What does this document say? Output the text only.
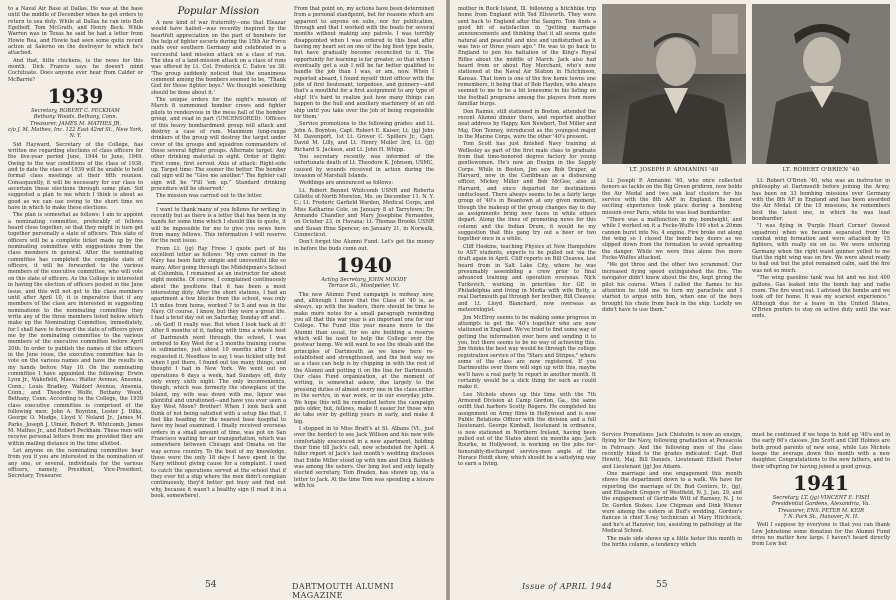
to a Naval Air Base at Dallas. He was at the base until the middle of December when he got orders to return to sea duty. While at Dallas he ran into Bob Egelhoff, Tom McGrath, and Henry Beck. While Warren was in Texas he said he had a letter from Howie Rea, and Howie had seen some quite recent action at Salerno on the destroyer to which he's attached.

And that, little chickens, is the news for this month. Dick Francis says he doesn't mind Cochituate. Does anyone ever hear from Calder or McBarrie?

1939
Secretary, ROBERT C. PECKHAM
Bethany Woods, Bethany, Conn.
Treasurer, JAMES M. MATHES JR.
c/o J. M. Mathes, Inc. 122 East 42nd St., New York, N. Y.

Sid Hayward, Secretary of the College, has written me regarding elections of class officers for the five-year period June, 1944 to June, 1949. Owing to the war conditions of the class of 1938, and to date the class of 1939 will be unable to hold formal class meetings at their fifth reunion. Consequently, it will be necessary for our class to ascertain these elections through some plan. Sid suggested a plan to me which I think is about as good as we can use owing to the short time we have in which to make these elections.

The plan is somewhat as follows: I am to appoint a nominating committee, preferably of fellows heard close together, so that they might in turn get together personally a slate of officers. This slate of officers will be a complete ticket made up by the nominating committee with suggestions from the class members in general. After the nominating committee has completed the complete slate of officers, it will be forwarded to the various members of the executive committee, who will vote on this slate of officers. As the College is interested in having the election of officers posted in the June issue, and this will not get to the class members until after April 10, it is imperative that if any members of the class are interested in suggesting nominations to the nominating committee they write any of the three members listed below which make up the Nominating Committee, immediately, for I shall have to forward the slate of officers given me by the nominating committee to the various members of the executive committee before April 20th. In order to publish the names of the officers in the June issue, the executive committee has to vote on the various names and have the results in my hands before May 10. On the nominating committee I have appointed the following: Erwin Lyon Jr., Wakefield, Mass.; Walter Avenue, Ansonia, Conn.; Louis Bradley, Waldorf Avenue, Ansonia, Conn.; and Theodore Wolfe, Bethany Wood, Bethany, Conn. According to the College, the 1939 class executive committee is comprised of the following men: John A. Boynton, Lester J. Dilks, George O. Mudge, Lloyd V. Noland Jr., James M. Parks, Joseph J. Ulmer, Robert R. Whitcomb, James M. Mathes Jr., and Robert Peckham. These men will receive personal letters from me provided they are within mailing distance in the time allotted.

Let anyone on the nominating committee hear from you if you are interested in the nomination of any one, or several, individuals for the various officers, namely, President, Vice-President, Secretary, Treasurer.

Popular Mission

A new kind of war fraternity—one that Eleazar would have hailed—was recently inspired by the heartfelt appreciation on the part of bombers for the help of fighter escorts during the 15th Air Force raids over southern Germany and celebrated in a successful land mission attack on a class of run. The idea of a land-mission attack on a class of runs was offered by Lt. Col. Frederick C. Eaton 'ex 38: 'The group suddenly noticed that the unanimous comment among the bombers seemed to be, "Thank God for those fighter boys." We thought something should be done about it.'

The unique orders for the night's mission of March 8 summoned bomber crews and fighter pilots to rendezvous in the mess hall of the bomber group, and read in part (UNCENSORED): 'Officers of this heavy bombardment group will attack and destroy a case of rum. Maximum long-range drinkers of the group will destroy the target under cover of the groups and squadron commanders of these several fighter groups. Alternate target: Any other drinking material in sight. Order of flight: First come, first served. Axis of attack: Right-side up. Target time: The sooner the better. The bomber call sign will be "Give me another." The fighter call sign will be "Fill 'em up." Standard drinking procedure will be observed.'

The mission was carried out to the letter.

I want to thank many of you fellows for writing in recently but as there is a letter that has been in my hands for some time which I should like to quote, it will be impossible for me to give you news here from many fellows. This information I will reserve for the next issue.

From Lt. (jg) Ray Frese I quote part of his excellent letter as follows: 'My own career in the Navy has been fairly simple and uneventful like so many. After going through the Midshipman's School at Columbia, I remained as an instructor for about eight months. Of course, I complained continuously about the positions that it has been a most interesting duty. After the short stations, I had an apartment a few blocks from the school, was only 15 miles from home, worked 7 to 5 and was in the Navy. Of course, I know, but they were a great life. I had a brief day out on Saturday, Sunday off and . . . oh God! It really was. But when I look back at it! After 8 months of it, fading with time a whole host of Dartmouth went through the school, I was ordered to Key West for a 3 months training course in submarine, just about 10 months after I first requested it. Needless to say, I was tickled silly but when I got there, I found out too many things, and thought I had in New York. We went out on operations 6 days a week, had Sundays off, duty only every sixth night. The only inconvenience, though, which was formerly the showplace of the Island, my wife was down with me, liquor was plentiful and unrationed—and have you ever seen a Key West Moon? Brother! When I look back and think of not being satisfied with a setup like that, I feel like heading for the nearest base hospital to have my head examined. I finally received overseas orders in a small amount of time, was put on San Francisco waiting for air transportation, which was somewhere between Chicago and Omaha on the way across country. To the best of my knowledge, those were the only 18 days I have spent in the Navy without giving cause for a complaint. I used to catch the operations served at the school that if they ever hit a ship where the men didn't complain continuously, they'd better get busy and find out why, because it wasn't a healthy sign (I read it in a book, somewhere).

From that point on, my actions have been determined from a personal standpoint, but for reasons which are apparent to anyone on subs, nor for publication, through and that I worked with the boats for several months without making any patrols. I was terribly disappointed when I was ordered to this boat after having my heart set on one of the big fleet type boats, but have gradually become reconciled to it. The opportunity for learning is far greater, so that when I eventually get a sub I will be far better qualified to handle the job than I was, or am, now. When I reported aboard, I found myself third officer with the jobs of first lieutenant, torpedoes, and gunnery—and that's a mouthful for a first assignment to any type of ship! It's hard to realize just how many things can happen to the hull and auxiliary machinery of an old ship until you take over the job of being responsible for them.'

Service promotions to the following grades: and Lt. John A. Boynton, Capt. Robert E. Kaiser, Lt. (jg) John M. Davenport, 1st Lt. Grover C. Spillers Jr., Capt. David M. Lilly, and Lt. Henry Muller 3rd, Lt. (jg) Richard S. Jackson, and Lt. John H. Whipp.

You secretary recently was informed of the unfortunate death of Lt. Theodore K. Johnson, USMC, caused by wounds received in action during the invasion of Marshall Islands.

Weddings are announced as follows:

Lt. Robert Bennet Whitcomb USNR and Roberta Gillette of North Moreton, Mo. on December 11. N. Y. C.; Lt. Frederic Garfield Warden, Medical Corps, and Miss Katharine Cole, on January 8 at Tarrytown; Dr. Armando Chandler and Mary Josephine Fernandes, on October 23, in Havana; Lt. Thomas Brooks USNR and Susan Hine Spencer, on January 21, in Norwalk, Connecticut.

Don't forget the Alumni Fund. Let's get the money in before the buds come out.

1940
Acting Secretary, JOHN MOODY
Terrace St., Montpelier, Vt.

The new Alumni Fund campaign is midway now, and, although I know that the Class of '40 is, as always, up with the leaders, there should be time to make more notes for a small paragraph reminding you all that this war year is an important one for our College. The Fund this year means more to the Alumni than usual, for we are building a reserve which will be used to help the College over the postwar bump. We will want to see the ideals and the principles of Dartmouth as we knew here re-established and strengthened, and the best way we as a class can help is by chipping in with the rest of the Alumni and putting it on the line for Dartmouth. Our class Fund organization, at the moment of writing, is somewhat askew, due largely to the pressing duties of almost every one in the class either in the service, in war work, or in our everyday jobs. We hope this will be remedied before the campaign gets older, but, fellows, make it easier for those who do take over by getting yours in early, and make it big.

I stopped in to Miss Bratt's at St. Albans (Vt., just over the border) to see Jack Willson and his new wife comfortably ensconced in a new apartment, holding their time till Jack's call, now scheduled for April. A fuller report of Jack's last month's wedding discloses that Eddie Miller stood up with him and Dick Baldock was among the ushers. Our long lost and only legally elected secretary, Tom Braden, has shown up, via a letter to Jack. At the time Tom was spending a leisure with his

54	DARTMOUTH ALUMNI MAGAZINE

mother in Rock Island, Ill. following a hitchhike trip home from England with Ted Ellsworth. They were sent back to England after the Sangro. Tom finds a good bit of satisfaction in "getting marriage announcements and thinking that it all seems quite natural and peaceful and nice and undisturbed as it was two or three years ago." He was to go back to England to join his battalion of the King's Royal Rifles about the middle of March. Jack also had heard from or about Roy Merchant, who's now stationed at the Naval Air Station in Hutchinson, Kansas. That town is one of the few home towns one remembers, it being that of Bob Hayden, who always seemed to me to be a bit lonesome in his listing on the football programs among the players from more familiar burgs.

Don Raimie, still stationed in Boston, attended the recent Alumni dinner there, and reported another neat address by Happy. Ken Newbert, Ted Miller and Maj. Don Tenney, introduced as the youngest major in the Marine Corps, were the other '40's present.

Tom Scott has just finished Navy training at Wellesley as part of the first male class to graduate from that time-honored degree factory for young gentlewomen. He's now an Ensign in the Supply Corps. While in Boston, Jim saw Bob Draper, at Harvard, now in the Caribbean as a disbursing officer, Mickey Miller and Bob McGee, also at Harvard, and since departed for destinations undisclosed. There always seems to be a fairly large group of '40's in Beantown at any given moment, though the makeup of the group changes day to day as assignments bring new faces in while others depart. Along the lines of promoting news for this column and the Indian Drum, it would be my suggestion that this gang try out a beer or two together once in a while.

Cliff Hoskins, teaching Physics at New Hampshire to AST students, expects to be pulled out via the draft again in April. Cliff reports on Bill Cleaves, last heard from in Salt Lake City, where he was presumably assembling a crew prior to final advanced training and operation overseas. Nick Turkevich, working in priorities for GE in Philadelphia and living in Media with wife Betty, a real Dartmouth gal through her brother, Bill Cleaves; and Lt. Lloyd Blanchard, now overseas as meteorologist.

Jim McElroy seems to be making some progress in attempts to get the '40's together who are now stationed in England. We've tried to find some way of getting the information over here and sending it to you, but there seems to be no way of achieving this. Jim thinks the best way would be through the college registration service of the "Stars and Stripes," where some of the class are now registered. If you Dartmouths over there will sign up with this, maybe we'll have a real party to report in another month. It certainly would be a slick thing for such as could make it.

Lee Nichols shows up this time with the 7th Armored Division at Camp Gordon, Ga., the same outfit that harbors Scotty Rogers. He completed his assignment on Army films in Hollywood and is now Public Relations Officer with the division and a full lieutenant. George Kimball, lieutenant in ordnance, is now stationed in Northern Ireland, having been pulled out of the States about six months ago. Jack Rourke, in Hollywood, is working on the jobs for-honorably-discharged service-men angle of the Horace Heidt show, which should be a satisfying way to earn a living.

LT. JOSEPH P. ARMANINI '40	LT. ROBERT O'BRIEN '40

Lt. Joseph P. Armanini '40, who once collected honors as tackle on the Big Green gridiron, now holds the Air Medal and two oak leaf clusters for his service with the 8th AAF in England. His most exciting experience took place during a bombing mission over Paris, while he was lead bombardier.

"There was a malfunction in my bombsight, and while I worked on it a Focke-Wulfe 190 shot a 20mm cannon burst into No. 4 engine. Fire broke out along the wing so I closed the bomb bay doors as we slipped down from the formation to avoid spreading the danger. While we were thus alone five more Focke-Wulfes attacked.

"We got three and the other two scrammed. Our increased flying speed extinguished the fire. The navigator didn't know about the fire, kept giving the pilot his course. When I called the flames to his attention he told me to turn my parachute and I started to argue with him, when one of the boys brought his chute from back in the ship. Luckily we didn't have to use them."

Lt. Robert O'Brien '40, who was an instructor in philosophy at Dartmouth before joining the Army, has been on 33 bombing missions over Germany with the 8th AF in England and has been awarded the Air Medal. Of the 15 missions, he remembers best the latest one, in which he was lead bombardier.

"I was flying in 'Purple Heart Corner' (lowest squadron) when we became separated from the combat wing formation and were attacked by 15 fighters, with really six on us. We were entering Germany when the right waist gunner yelled to me that the right wing was on fire. We were about ready to bail out but the pilot remained calm, said the fire was not so much.

"The wing gasoline tank was hit and we lost 400 gallons. Gas leaked into the bomb bay and radio room. The fire went out. I advised the bombs and we took off for home. It was my scariest experience." Although due for a leave in the United States, O'Brien prefers to stay on active duty until the war ends.

Service Promotions: Jack Chisholm is now an ensign, flying for the Navy, following graduation at Pensacola in February. And the following men of the class recently hiked to the grades indicated: Capt. Bud Hewitt, Maj. Bill Daniels, Lieutenant Elliott Foster and Lieutenant (jg) Joe Adams.

One marriage and one engagement this month shows the department down to a walk. We have for reporting the marriage of Dr. Bud Centers, Ir., (jg), and Elizabeth Gregory of Westfield, N. J., Jan. 29, and the engagement of Gertrude Witt of Ramsey, N. J. to Dr. Gordon Stokes. Lew Chipman and Dink Wiener were among the ushers at Bud's wedding. Gordon's fiancee is chief X-ray technician at Mary Hitchcock, and he's at Hanover, too, assisting in pathology at the Medical School.

The male side shows up a little faster this month in the births column, a tendency which

must be continued if we hope to hold up '40's end in the early 60's classes. Jim Scott and Cliff Holmes are both proud parents of new sons, while Les Nichols keeps the average down this month with a new daughter. Congratulations to the new fathers, and to their offspring for having joined a good group.

1941
Secretary, LT. (jg) VINCENT E. FISH
Presidential Gardens, Alexandria, Va.
Treasurer, ENS. PETER M. KEIR
7 N. Park St., Hanover, N. H.

Well I suppose by everyone is that you can thank Lew Johnstone some donation for the Alumni Fund drive no matter how large. I haven't heard directly from Lew but

Issue of APRIL 1944	55
